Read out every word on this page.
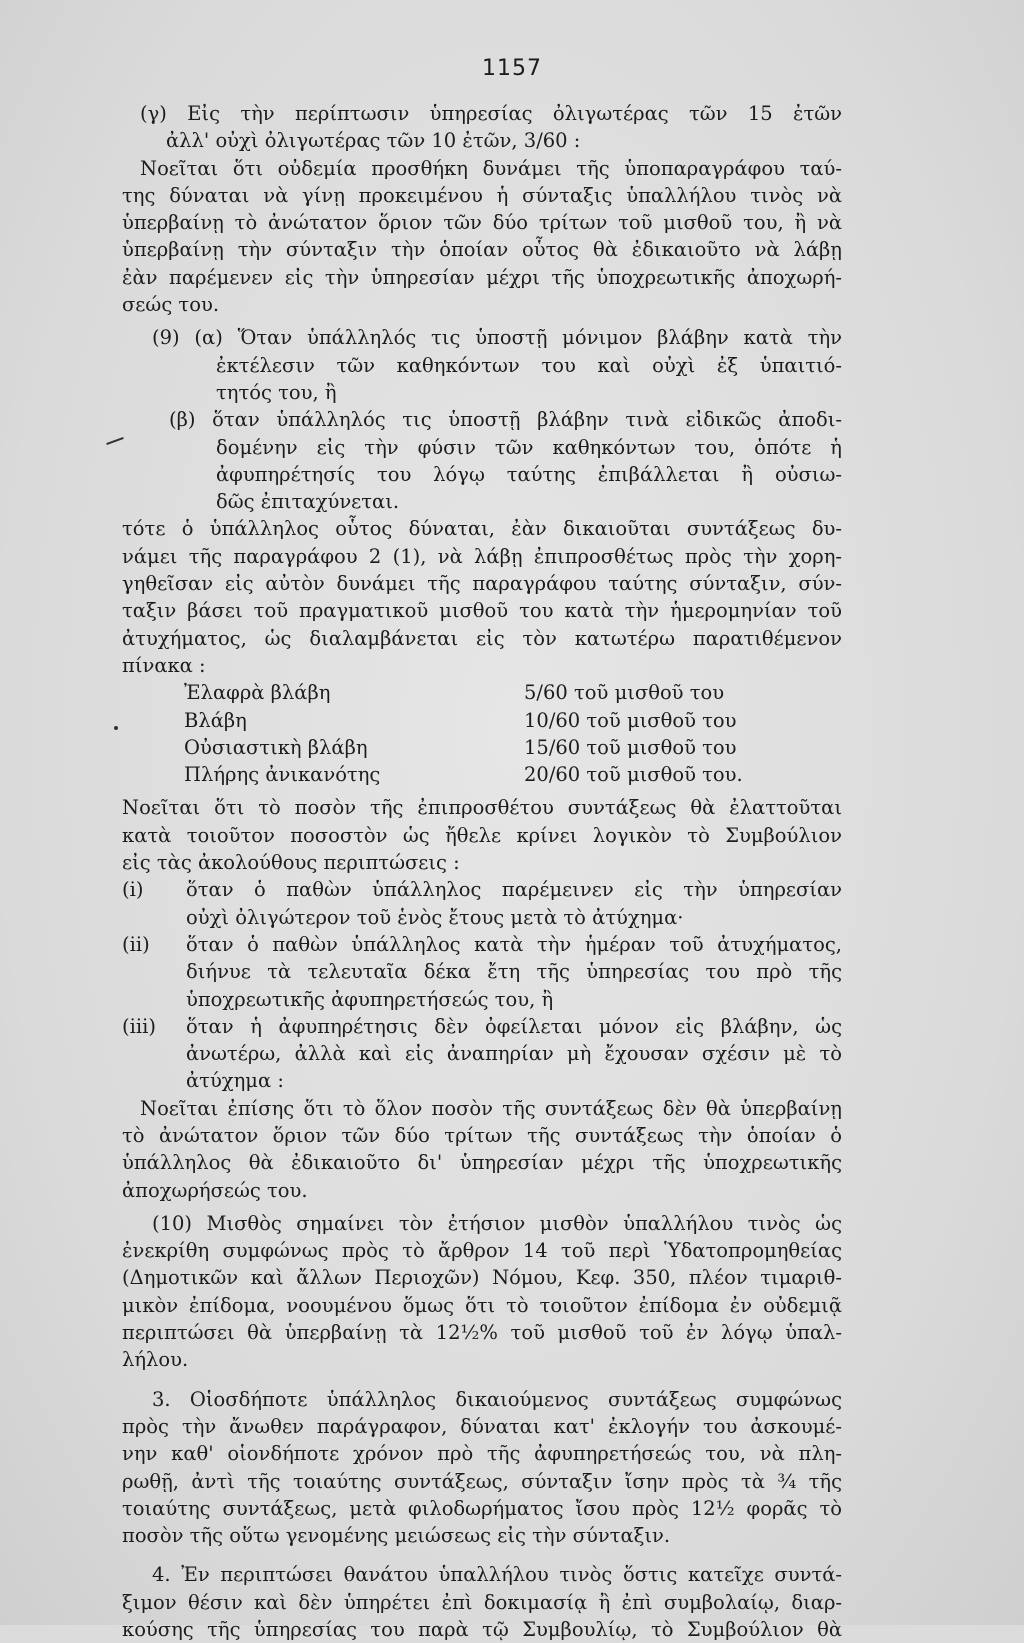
1157
(γ) Εἰς τὴν περίπτωσιν ὑπηρεσίας ὀλιγωτέρας τῶν 15 ἐτῶν
ἀλλ' οὐχὶ ὀλιγωτέρας τῶν 10 ἐτῶν, 3/60 :
Νοεῖται ὅτι οὐδεμία προσθήκη δυνάμει τῆς ὑποπαραγράφου ταύ-
της δύναται νὰ γίνῃ προκειμένου ἡ σύνταξις ὑπαλλήλου τινὸς νὰ
ὑπερβαίνῃ τὸ ἀνώτατον ὅριον τῶν δύο τρίτων τοῦ μισθοῦ του, ἢ νὰ
ὑπερβαίνῃ τὴν σύνταξιν τὴν ὁποίαν οὗτος θὰ ἐδικαιοῦτο νὰ λάβῃ
ἐὰν παρέμενεν εἰς τὴν ὑπηρεσίαν μέχρι τῆς ὑποχρεωτικῆς ἀποχωρή-
σεώς του.
(9) (α) Ὅταν ὑπάλληλός τις ὑποστῇ μόνιμον βλάβην κατὰ τὴν
ἐκτέλεσιν τῶν καθηκόντων του καὶ οὐχὶ ἐξ ὑπαιτιό-
τητός του, ἢ
(β) ὅταν ὑπάλληλός τις ὑποστῇ βλάβην τινὰ εἰδικῶς ἀποδι-
δομένην εἰς τὴν φύσιν τῶν καθηκόντων του, ὁπότε ἡ
ἀφυπηρέτησίς του λόγῳ ταύτης ἐπιβάλλεται ἢ οὐσιω-
δῶς ἐπιταχύνεται.
τότε ὁ ὑπάλληλος οὗτος δύναται, ἐὰν δικαιοῦται συντάξεως δυ-
νάμει τῆς παραγράφου 2 (1), νὰ λάβῃ ἐπιπροσθέτως πρὸς τὴν χορη-
γηθεῖσαν εἰς αὐτὸν δυνάμει τῆς παραγράφου ταύτης σύνταξιν, σύν-
ταξιν βάσει τοῦ πραγματικοῦ μισθοῦ του κατὰ τὴν ἡμερομηνίαν τοῦ
ἀτυχήματος, ὡς διαλαμβάνεται εἰς τὸν κατωτέρω παρατιθέμενον
πίνακα :
Ἐλαφρὰ βλάβη	5/60 τοῦ μισθοῦ του
Βλάβη	10/60 τοῦ μισθοῦ του
Οὐσιαστικὴ βλάβη	15/60 τοῦ μισθοῦ του
Πλήρης ἀνικανότης	20/60 τοῦ μισθοῦ του.
Νοεῖται ὅτι τὸ ποσὸν τῆς ἐπιπροσθέτου συντάξεως θὰ ἐλαττοῦται
κατὰ τοιοῦτον ποσοστὸν ὡς ἤθελε κρίνει λογικὸν τὸ Συμβούλιον
εἰς τὰς ἀκολούθους περιπτώσεις :
(i) ὅταν ὁ παθὼν ὑπάλληλος παρέμεινεν εἰς τὴν ὑπηρεσίαν
οὐχὶ ὀλιγώτερον τοῦ ἑνὸς ἔτους μετὰ τὸ ἀτύχημα·
(ii) ὅταν ὁ παθὼν ὑπάλληλος κατὰ τὴν ἡμέραν τοῦ ἀτυχήματος,
διήνυε τὰ τελευταῖα δέκα ἔτη τῆς ὑπηρεσίας του πρὸ τῆς
ὑποχρεωτικῆς ἀφυπηρετήσεώς του, ἢ
(iii) ὅταν ἡ ἀφυπηρέτησις δὲν ὀφείλεται μόνον εἰς βλάβην, ὡς
ἀνωτέρω, ἀλλὰ καὶ εἰς ἀναπηρίαν μὴ ἔχουσαν σχέσιν μὲ τὸ
ἀτύχημα :
Νοεῖται ἐπίσης ὅτι τὸ ὅλον ποσὸν τῆς συντάξεως δὲν θὰ ὑπερβαίνῃ
τὸ ἀνώτατον ὅριον τῶν δύο τρίτων τῆς συντάξεως τὴν ὁποίαν ὁ
ὑπάλληλος θὰ ἐδικαιοῦτο δι' ὑπηρεσίαν μέχρι τῆς ὑποχρεωτικῆς
ἀποχωρήσεώς του.
(10) Μισθὸς σημαίνει τὸν ἐτήσιον μισθὸν ὑπαλλήλου τινὸς ὡς
ἐνεκρίθη συμφώνως πρὸς τὸ ἄρθρον 14 τοῦ περὶ Ὑδατοπρομηθείας
(Δημοτικῶν καὶ ἄλλων Περιοχῶν) Νόμου, Κεφ. 350, πλέον τιμαριθ-
μικὸν ἐπίδομα, νοουμένου ὅμως ὅτι τὸ τοιοῦτον ἐπίδομα ἐν οὐδεμιᾷ
περιπτώσει θὰ ὑπερβαίνῃ τὰ 12½% τοῦ μισθοῦ τοῦ ἐν λόγῳ ὑπαλ-
λήλου.
3. Οἱοσδήποτε ὑπάλληλος δικαιούμενος συντάξεως συμφώνως
πρὸς τὴν ἄνωθεν παράγραφον, δύναται κατ' ἐκλογήν του ἀσκουμέ-
νην καθ' οἱονδήποτε χρόνον πρὸ τῆς ἀφυπηρετήσεώς του, νὰ πλη-
ρωθῇ, ἀντὶ τῆς τοιαύτης συντάξεως, σύνταξιν ἴσην πρὸς τὰ ¾ τῆς
τοιαύτης συντάξεως, μετὰ φιλοδωρήματος ἴσου πρὸς 12½ φορᾶς τὸ
ποσὸν τῆς οὕτω γενομένης μειώσεως εἰς τὴν σύνταξιν.
4. Ἐν περιπτώσει θανάτου ὑπαλλήλου τινὸς ὅστις κατεῖχε συντά-
ξιμον θέσιν καὶ δὲν ὑπηρέτει ἐπὶ δοκιμασίᾳ ἢ ἐπὶ συμβολαίῳ, διαρ-
κούσης τῆς ὑπηρεσίας του παρὰ τῷ Συμβουλίῳ, τὸ Συμβούλιον θὰ
